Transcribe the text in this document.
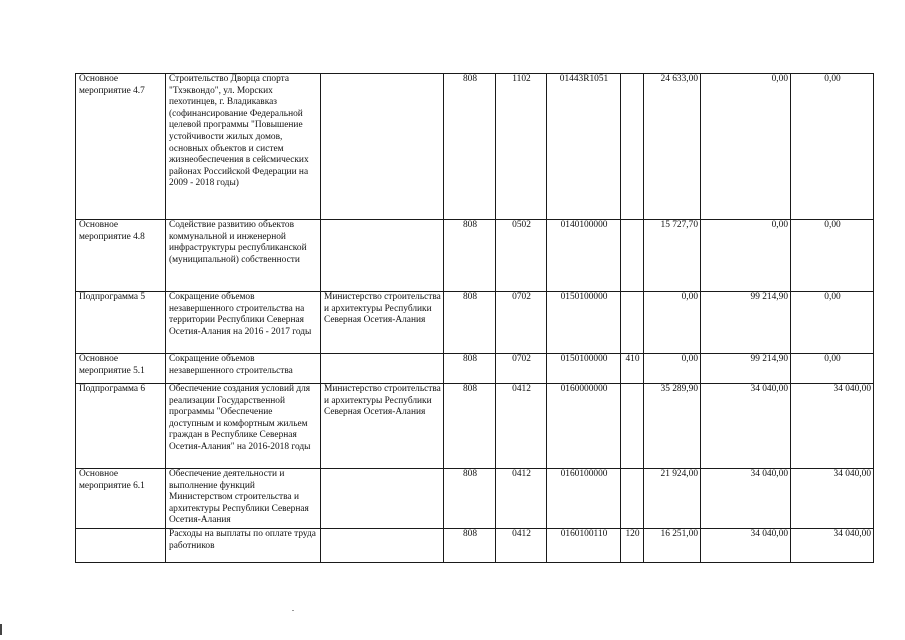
Основное мероприятие 4.7	Строительство Дворца спорта "Тхэквондо", ул. Морских пехотинцев, г. Владикавказ (софинансирование Федеральной целевой программы "Повышение устойчивости жилых домов, основных объектов и систем жизнеобеспечения в сейсмических районах Российской Федерации на 2009 - 2018 годы)		808	1102	01443R1051		24 633,00	0,00	0,00
Основное мероприятие 4.8	Содействие развитию объектов коммунальной и инженерной инфраструктуры республиканской (муниципальной) собственности		808	0502	0140100000		15 727,70	0,00	0,00
Подпрограмма 5	Сокращение объемов незавершенного строительства на территории Республики Северная Осетия-Алания на 2016 - 2017 годы	Министерство строительства и архитектуры Республики Северная Осетия-Алания	808	0702	0150100000		0,00	99 214,90	0,00
Основное мероприятие 5.1	Сокращение объемов незавершенного строительства		808	0702	0150100000	410	0,00	99 214,90	0,00
Подпрограмма 6	Обеспечение создания условий для реализации Государственной программы "Обеспечение доступным и комфортным жильем граждан в Республике Северная Осетия-Алания" на 2016-2018 годы	Министерство строительства и архитектуры Республики Северная Осетия-Алания	808	0412	0160000000		35 289,90	34 040,00	34 040,00
Основное мероприятие 6.1	Обеспечение деятельности и выполнение функций Министерством строительства и архитектуры Республики Северная Осетия-Алания		808	0412	0160100000		21 924,00	34 040,00	34 040,00
	Расходы на выплаты по оплате труда работников		808	0412	0160100110	120	16 251,00	34 040,00	34 040,00
